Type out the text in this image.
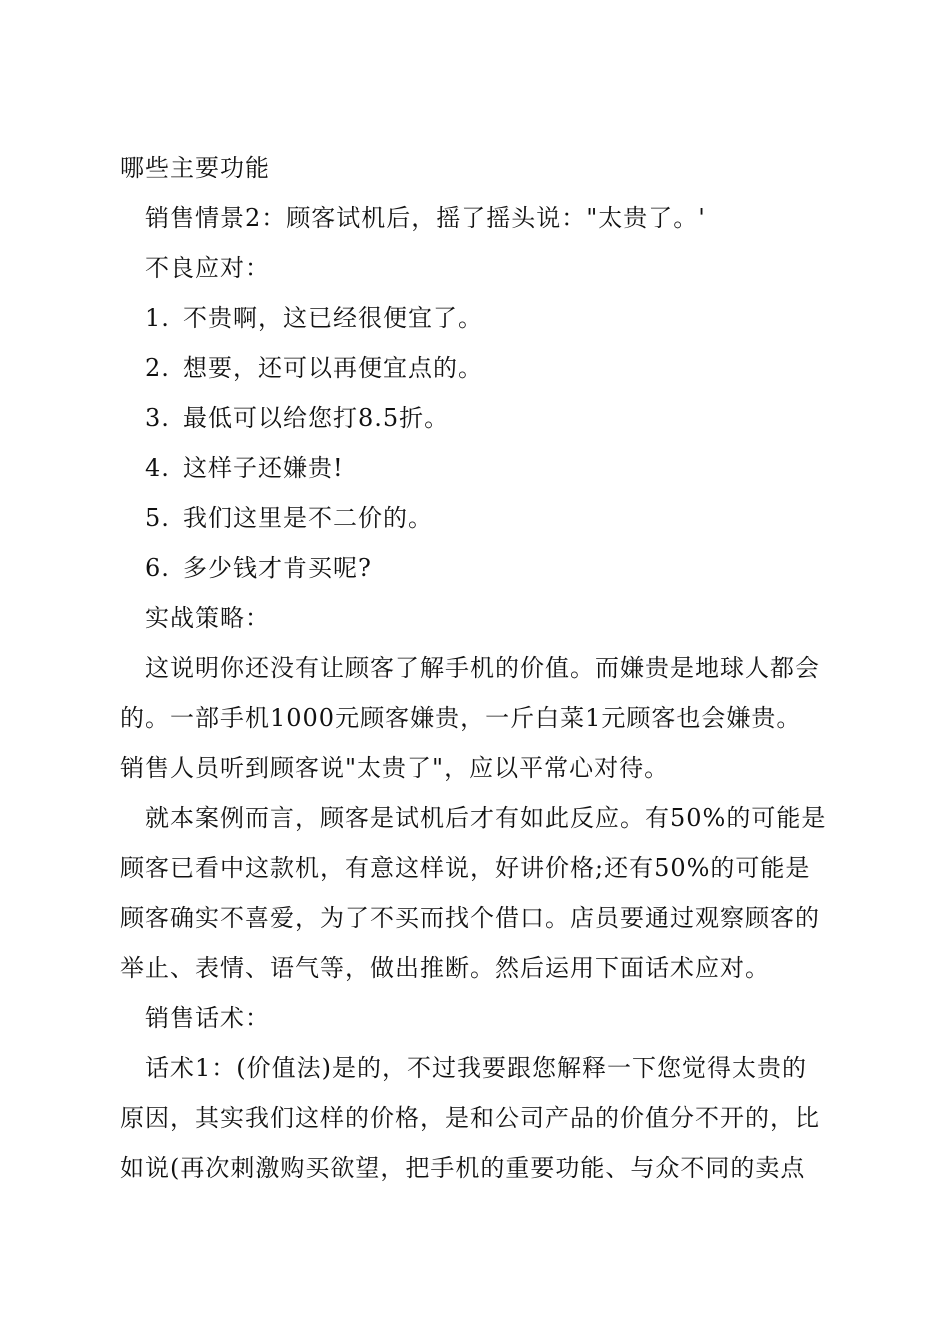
哪些主要功能
销售情景2：顾客试机后，摇了摇头说："太贵了。'
不良应对：
1. 不贵啊，这已经很便宜了。
2. 想要，还可以再便宜点的。
3. 最低可以给您打8.5折。
4. 这样子还嫌贵!
5. 我们这里是不二价的。
6. 多少钱才肯买呢?
实战策略：
这说明你还没有让顾客了解手机的价值。而嫌贵是地球人都会
的。一部手机1000元顾客嫌贵，一斤白菜1元顾客也会嫌贵。
销售人员听到顾客说"太贵了"，应以平常心对待。
就本案例而言，顾客是试机后才有如此反应。有50%的可能是
顾客已看中这款机，有意这样说，好讲价格;还有50%的可能是
顾客确实不喜爱，为了不买而找个借口。店员要通过观察顾客的
举止、表情、语气等，做出推断。然后运用下面话术应对。
销售话术：
话术1：(价值法)是的，不过我要跟您解释一下您觉得太贵的
原因，其实我们这样的价格，是和公司产品的价值分不开的，比
如说(再次刺激购买欲望，把手机的重要功能、与众不同的卖点
